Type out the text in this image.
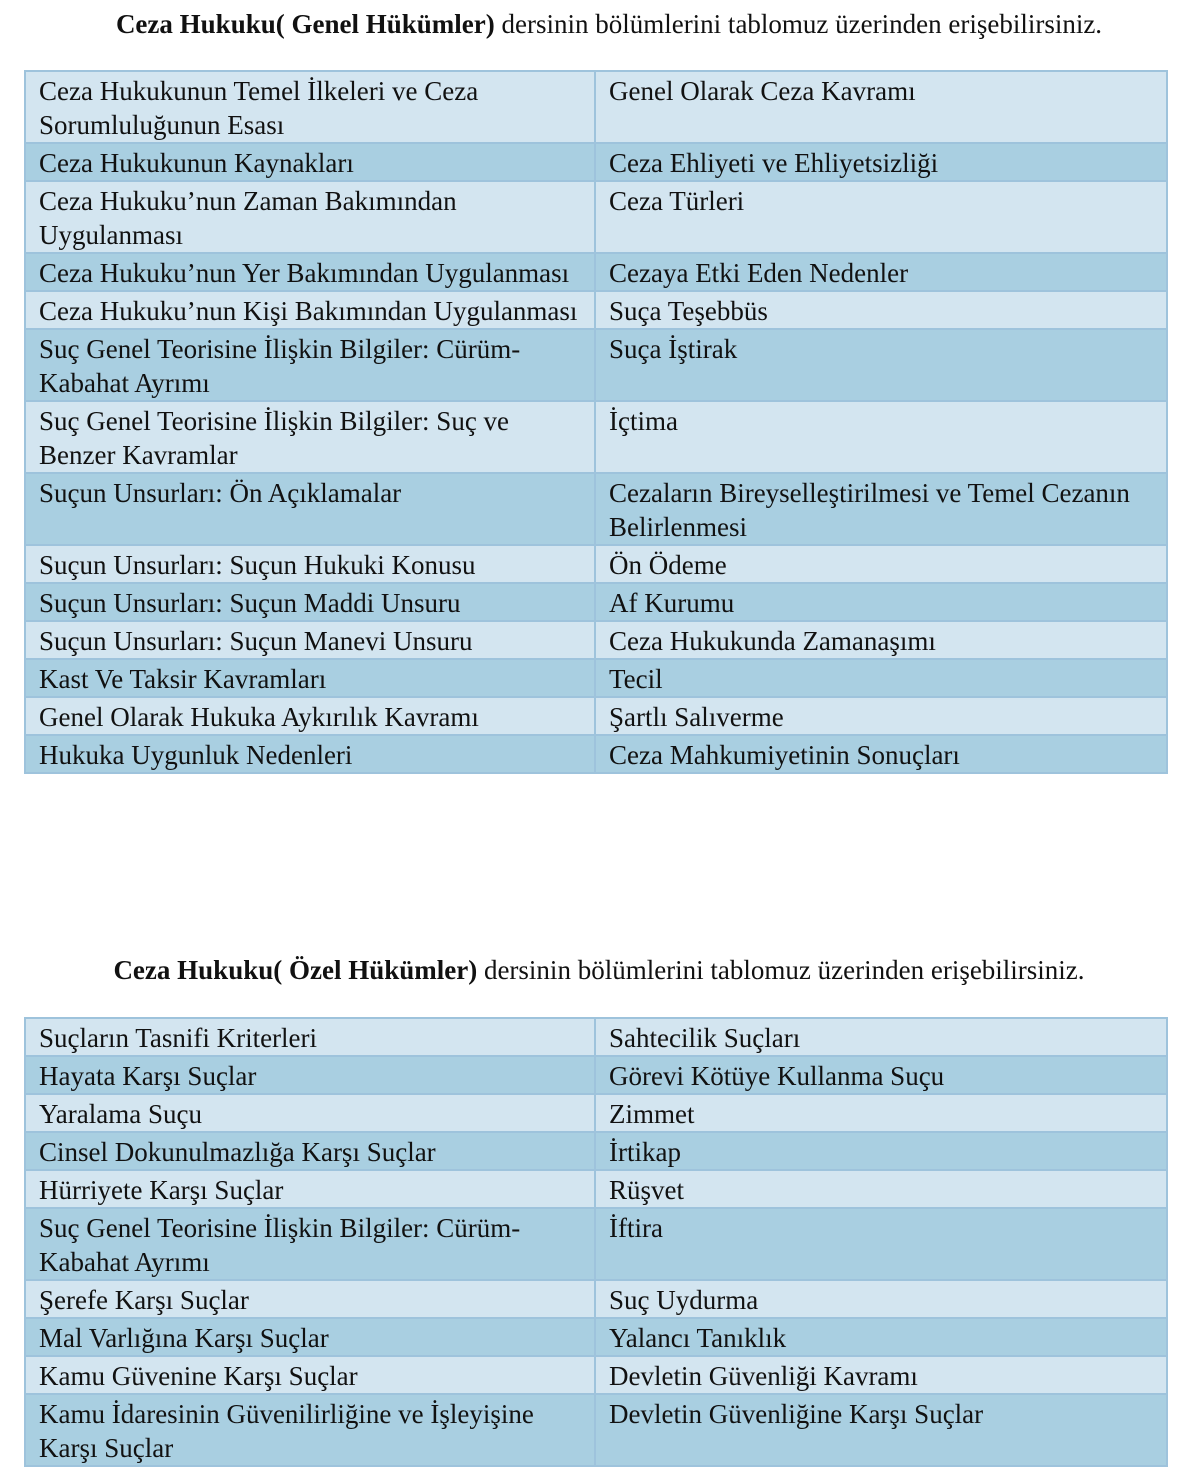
Ceza Hukuku( Genel Hükümler) dersinin bölümlerini tablomuz üzerinden erişebilirsiniz.
Ceza Hukukunun Temel İlkeleri ve Ceza Sorumluluğunun Esası	Genel Olarak Ceza Kavramı
Ceza Hukukunun Kaynakları	Ceza Ehliyeti ve Ehliyetsizliği
Ceza Hukuku’nun Zaman Bakımından Uygulanması	Ceza Türleri
Ceza Hukuku’nun Yer Bakımından Uygulanması	Cezaya Etki Eden Nedenler
Ceza Hukuku’nun Kişi Bakımından Uygulanması	Suça Teşebbüs
Suç Genel Teorisine İlişkin Bilgiler: Cürüm-Kabahat Ayrımı	Suça İştirak
Suç Genel Teorisine İlişkin Bilgiler: Suç ve Benzer Kavramlar	İçtima
Suçun Unsurları: Ön Açıklamalar	Cezaların Bireyselleştirilmesi ve Temel Cezanın Belirlenmesi
Suçun Unsurları: Suçun Hukuki Konusu	Ön Ödeme
Suçun Unsurları: Suçun Maddi Unsuru	Af Kurumu
Suçun Unsurları: Suçun Manevi Unsuru	Ceza Hukukunda Zamanaşımı
Kast Ve Taksir Kavramları	Tecil
Genel Olarak Hukuka Aykırılık Kavramı	Şartlı Salıverme
Hukuka Uygunluk Nedenleri	Ceza Mahkumiyetinin Sonuçları
Ceza Hukuku( Özel Hükümler) dersinin bölümlerini tablomuz üzerinden erişebilirsiniz.
Suçların Tasnifi Kriterleri	Sahtecilik Suçları
Hayata Karşı Suçlar	Görevi Kötüye Kullanma Suçu
Yaralama Suçu	Zimmet
Cinsel Dokunulmazlığa Karşı Suçlar	İrtikap
Hürriyete Karşı Suçlar	Rüşvet
Suç Genel Teorisine İlişkin Bilgiler: Cürüm-Kabahat Ayrımı	İftira
Şerefe Karşı Suçlar	Suç Uydurma
Mal Varlığına Karşı Suçlar	Yalancı Tanıklık
Kamu Güvenine Karşı Suçlar	Devletin Güvenliği Kavramı
Kamu İdaresinin Güvenilirliğine ve İşleyişine Karşı Suçlar	Devletin Güvenliğine Karşı Suçlar
